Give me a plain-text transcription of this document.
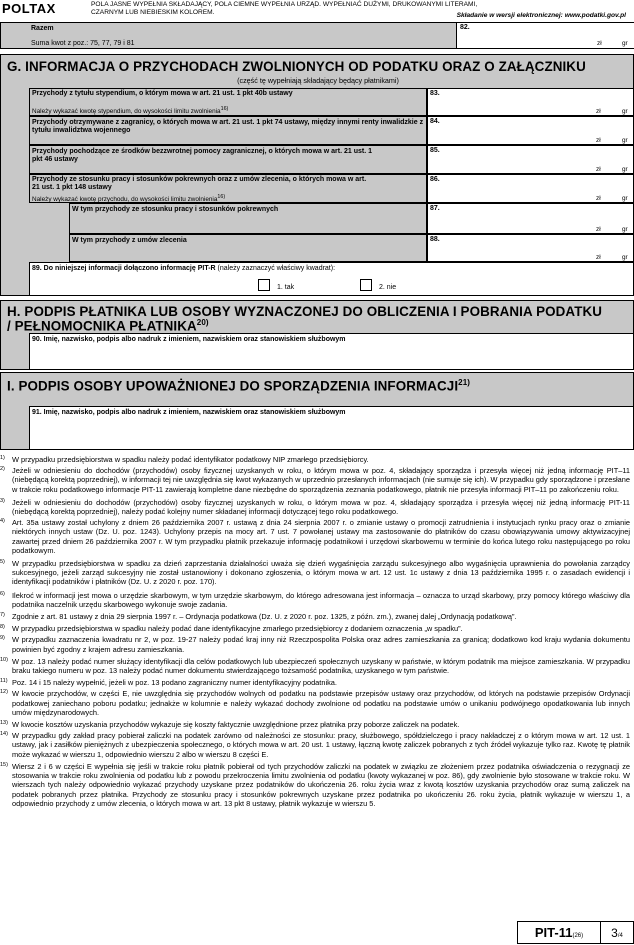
POLTAX	POLA JASNE WYPEŁNIA SKŁADAJĄCY, POLA CIEMNE WYPEŁNIA URZĄD. WYPEŁNIAĆ DUŻYMI, DRUKOWANYMI LITERAMI, CZARNYM LUB NIEBIESKIM KOLOREM.	Składanie w wersji elektronicznej: www.podatki.gov.pl
Razem
Suma kwot z poz.: 75, 77, 79 i 81
82.
zł	gr
G. INFORMACJA O PRZYCHODACH ZWOLNIONYCH OD PODATKU ORAZ O ZAŁĄCZNIKU
(część tę wypełniają składający będący płatnikami)
Przychody z tytułu stypendium, o którym mowa w art. 21 ust. 1 pkt 40b ustawy
Należy wykazać kwotę stypendium, do wysokości limitu zwolnienia$^{16)}$
83.
zł	gr
Przychody otrzymywane z zagranicy, o których mowa w art. 21 ust. 1 pkt 74 ustawy, między innymi renty inwalidzkie z tytułu inwalidztwa wojennego
84.
zł	gr
Przychody pochodzące ze środków bezzwrotnej pomocy zagranicznej, o których mowa w art. 21 ust. 1 pkt 46 ustawy
85.
zł	gr
Przychody ze stosunku pracy i stosunków pokrewnych oraz z umów zlecenia, o których mowa w art. 21 ust. 1 pkt 148 ustawy
Należy wykazać kwotę przychodu, do wysokości limitu zwolnienia$^{16)}$
86.
zł	gr
W tym przychody ze stosunku pracy i stosunków pokrewnych	87.
zł	gr
W tym przychody z umów zlecenia	88.
zł	gr
89. Do niniejszej informacji dołączono informację PIT-R (należy zaznaczyć właściwy kwadrat):
1. tak	2. nie
H. PODPIS PŁATNIKA LUB OSOBY WYZNACZONEJ DO OBLICZENIA I POBRANIA PODATKU
/ PEŁNOMOCNIKA PŁATNIKA$^{20)}$
90. Imię, nazwisko, podpis albo nadruk z imieniem, nazwiskiem oraz stanowiskiem służbowym
I. PODPIS OSOBY UPOWAŻNIONEJ DO SPORZĄDZENIA INFORMACJI$^{21)}$
91. Imię, nazwisko, podpis albo nadruk z imieniem, nazwiskiem oraz stanowiskiem służbowym
1) W przypadku przedsiębiorstwa w spadku należy podać identyfikator podatkowy NIP zmarłego przedsiębiorcy.
2) Jeżeli w odniesieniu do dochodów (przychodów) osoby fizycznej uzyskanych w roku, o którym mowa w poz. 4, składający sporządza i przesyła więcej niż jedną informację PIT–11 (niebędącą korektą poprzedniej), w informacji tej nie uwzględnia się kwot wykazanych w uprzednio przesłanych informacjach (nie sumuje się ich). W przypadku gdy sporządzone i przesłane w trakcie roku podatkowego informacje PIT-11 zawierają kompletne dane niezbędne do sporządzenia zeznania podatkowego, płatnik nie przesyła informacji PIT–11 po zakończeniu roku.
3) Jeżeli w odniesieniu do dochodów (przychodów) osoby fizycznej uzyskanych w roku, o którym mowa w poz. 4, składający sporządza i przesyła więcej niż jedną informację PIT-11 (niebędącą korektą poprzedniej), należy podać kolejny numer składanej informacji dotyczącej tego roku podatkowego.
4) Art. 35a ustawy został uchylony z dniem 26 października 2007 r. ustawą z dnia 24 sierpnia 2007 r. o zmianie ustawy o promocji zatrudnienia i instytucjach rynku pracy oraz o zmianie niektórych innych ustaw (Dz. U. poz. 1243). Uchylony przepis na mocy art. 7 ust. 7 powołanej ustawy ma zastosowanie do płatników do czasu obowiązywania umowy aktywizacyjnej zawartej przed dniem 26 października 2007 r. W tym przypadku płatnik przekazuje informację podatnikowi i urzędowi skarbowemu w terminie do końca lutego roku następującego po roku podatkowym.
5) W przypadku przedsiębiorstwa w spadku za dzień zaprzestania działalności uważa się dzień wygaśnięcia zarządu sukcesyjnego albo wygaśnięcia uprawnienia do powołania zarządcy sukcesyjnego, jeżeli zarząd sukcesyjny nie został ustanowiony i dokonano zgłoszenia, o którym mowa w art. 12 ust. 1c ustawy z dnia 13 października 1995 r. o zasadach ewidencji i identyfikacji podatników i płatników (Dz. U. z 2020 r. poz. 170).
6) Ilekroć w informacji jest mowa o urzędzie skarbowym, w tym urzędzie skarbowym, do którego adresowana jest informacja – oznacza to urząd skarbowy, przy pomocy którego właściwy dla podatnika naczelnik urzędu skarbowego wykonuje swoje zadania.
7) Zgodnie z art. 81 ustawy z dnia 29 sierpnia 1997 r. – Ordynacja podatkowa (Dz. U. z 2020 r. poz. 1325, z późn. zm.), zwanej dalej „Ordynacją podatkową”.
8) W przypadku przedsiębiorstwa w spadku należy podać dane identyfikacyjne zmarłego przedsiębiorcy z dodaniem oznaczenia „w spadku”.
9) W przypadku zaznaczenia kwadratu nr 2, w poz. 19-27 należy podać kraj inny niż Rzeczpospolita Polska oraz adres zamieszkania za granicą; dodatkowo kod kraju wydania dokumentu powinien być zgodny z krajem adresu zamieszkania.
10) W poz. 13 należy podać numer służący identyfikacji dla celów podatkowych lub ubezpieczeń społecznych uzyskany w państwie, w którym podatnik ma miejsce zamieszkania. W przypadku braku takiego numeru w poz. 13 należy podać numer dokumentu stwierdzającego tożsamość podatnika, uzyskanego w tym państwie.
11) Poz. 14 i 15 należy wypełnić, jeżeli w poz. 13 podano zagraniczny numer identyfikacyjny podatnika.
12) W kwocie przychodów, w części E, nie uwzględnia się przychodów wolnych od podatku na podstawie przepisów ustawy oraz przychodów, od których na podstawie przepisów Ordynacji podatkowej zaniechano poboru podatku; jednakże w kolumnie e należy wykazać dochody zwolnione od podatku na podstawie umów o unikaniu podwójnego opodatkowania lub innych umów międzynarodowych.
13) W kwocie kosztów uzyskania przychodów wykazuje się koszty faktycznie uwzględnione przez płatnika przy poborze zaliczek na podatek.
14) W przypadku gdy zakład pracy pobierał zaliczki na podatek zarówno od należności ze stosunku: pracy, służbowego, spółdzielczego i pracy nakładczej z o którym mowa w art. 12 ust. 1 ustawy, jak i zasiłków pieniężnych z ubezpieczenia społecznego, o których mowa w art. 20 ust. 1 ustawy, łączną kwotę zaliczek pobranych z tych źródeł wykazuje tylko raz. Kwotę tę płatnik może wykazać w wierszu 1, odpowiednio wierszu 2 albo w wierszu 8 części E.
15) Wiersz 2 i 6 w części E wypełnia się jeśli w trakcie roku płatnik pobierał od tych przychodów zaliczki na podatek w związku ze złożeniem przez podatnika oświadczenia o rezygnacji ze stosowania w trakcie roku zwolnienia od podatku lub z powodu przekroczenia limitu zwolnienia od podatku (kwoty wykazanej w poz. 86), gdy zwolnienie było stosowane w trakcie roku. W wierszach tych należy odpowiednio wykazać przychody uzyskane przez podatników do ukończenia 26. roku życia wraz z kwotą kosztów uzyskania przychodów oraz sumą zaliczek na podatek pobranych przez płatnika. Przychody ze stosunku pracy i stosunków pokrewnych uzyskane przez podatnika po ukończeniu 26. roku życia, płatnik wykazuje w wierszu 1, a odpowiednio przychody z umów zlecenia, o których mowa w art. 13 pkt 8 ustawy, płatnik wykazuje w wierszu 5.
PIT-11(26)	3/4
